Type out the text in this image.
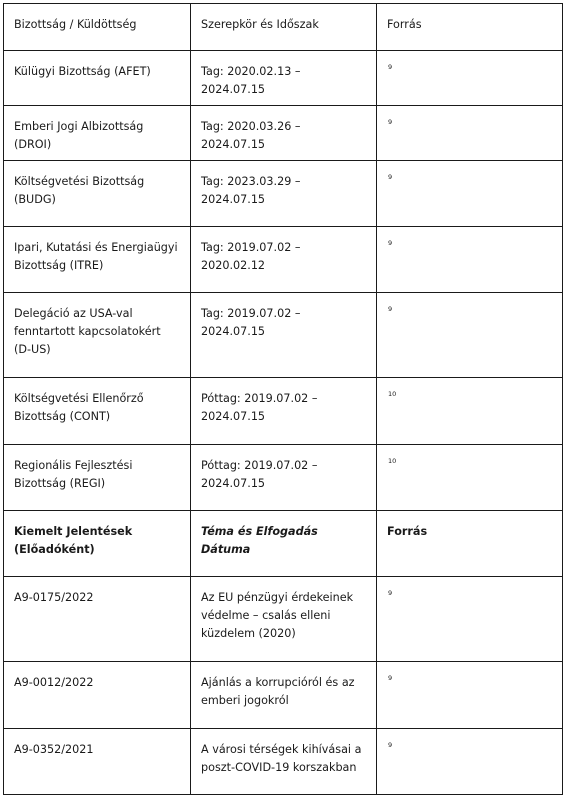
Bizottság / Küldöttség	Szerepkör és Időszak	Forrás
Külügyi Bizottság (AFET)	Tag: 2020.02.13 – 2024.07.15	9
Emberi Jogi Albizottság (DROI)	Tag: 2020.03.26 – 2024.07.15	9
Költségvetési Bizottság (BUDG)	Tag: 2023.03.29 – 2024.07.15	9
Ipari, Kutatási és Energiaügyi Bizottság (ITRE)	Tag: 2019.07.02 – 2020.02.12	9
Delegáció az USA-val fenntartott kapcsolatokért (D-US)	Tag: 2019.07.02 – 2024.07.15	9
Költségvetési Ellenőrző Bizottság (CONT)	Póttag: 2019.07.02 – 2024.07.15	10
Regionális Fejlesztési Bizottság (REGI)	Póttag: 2019.07.02 – 2024.07.15	10
Kiemelt Jelentések (Előadóként)	Téma és Elfogadás Dátuma	Forrás
A9-0175/2022	Az EU pénzügyi érdekeinek védelme – csalás elleni küzdelem (2020)	9
A9-0012/2022	Ajánlás a korrupcióról és az emberi jogokról	9
A9-0352/2021	A városi térségek kihívásai a poszt-COVID-19 korszakban	9
